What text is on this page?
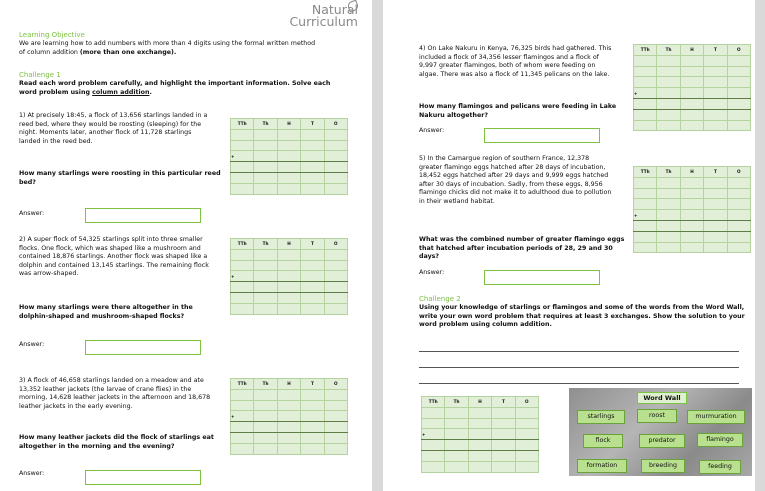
Natural
Curriculum
Learning Objective
We are learning how to add numbers with more than 4 digits using the formal written method
of column addition (more than one exchange).
Challenge 1
Read each word problem carefully, and highlight the important information. Solve each
word problem using column addition.
1) At precisely 18:45, a flock of 13,656 starlings landed in a
reed bed, where they would be roosting (sleeping) for the
night. Moments later, another flock of 11,728 starlings
landed in the reed bed.
How many starlings were roosting in this particular reed
bed?
Answer:
TTh	Th	H	T	O

+				

2) A super flock of 54,325 starlings split into three smaller
flocks. One flock, which was shaped like a mushroom and
contained 18,876 starlings. Another flock was shaped like a
dolphin and contained 13,145 starlings. The remaining flock
was arrow-shaped.
How many starlings were there altogether in the
dolphin-shaped and mushroom-shaped flocks?
Answer:
TTh	Th	H	T	O

+				

3) A flock of 46,658 starlings landed on a meadow and ate
13,352 leather jackets (the larvae of crane flies) in the
morning, 14,628 leather jackets in the afternoon and 18,678
leather jackets in the early evening.
How many leather jackets did the flock of starlings eat
altogether in the morning and the evening?
Answer:
TTh	Th	H	T	O

+				

4) On Lake Nakuru in Kenya, 76,325 birds had gathered. This
included a flock of 34,356 lesser flamingos and a flock of
9,997 greater flamingos, both of whom were feeding on
algae. There was also a flock of 11,345 pelicans on the lake.
How many flamingos and pelicans were feeding in Lake
Nakuru altogether?
Answer:
TTh	Th	H	T	O

+				

5) In the Camargue region of southern France, 12,378
greater flamingo eggs hatched after 28 days of incubation,
18,452 eggs hatched after 29 days and 9,999 eggs hatched
after 30 days of incubation. Sadly, from these eggs, 8,956
flamingo chicks did not make it to adulthood due to pollution
in their wetland habitat.
What was the combined number of greater flamingo eggs
that hatched after incubation periods of 28, 29 and 30
days?
Answer:
TTh	Th	H	T	O

+				

Challenge 2
Using your knowledge of starlings or flamingos and some of the words from the Word Wall,
write your own word problem that requires at least 3 exchanges. Show the solution to your
word problem using column addition.
TTh	Th	H	T	O

+				

Word Wall
starlings	roost	murmuration
flock	predator	flamingo
formation	breeding	feeding
